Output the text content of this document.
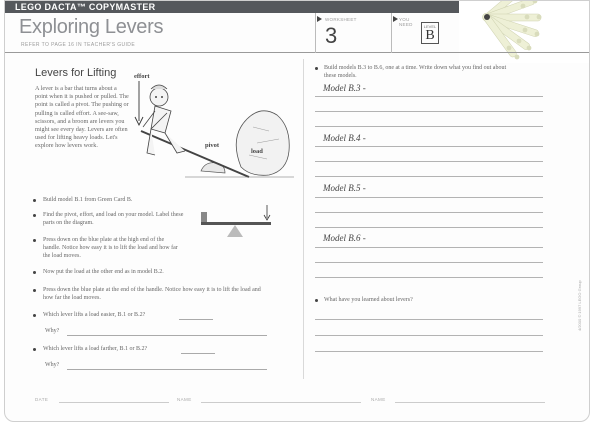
LEGO DACTA™ COPYMASTER
Exploring Levers
REFER TO PAGE 16 IN TEACHER'S GUIDE
WORKSHEET
3
YOU NEED	LEVEL
B
Levers for Lifting
A lever is a bar that turns about a point when it is pushed or pulled. The point is called a pivot. The pushing or pulling is called effort. A see-saw, scissors, and a broom are levers you might see every day. Levers are often used for lifting heavy loads. Let's explore how levers work.
effort
pivot
load
Build model B.1 from Green Card B.
Find the pivot, effort, and load on your model. Label these parts on the diagram.
Press down on the blue plate at the high end of the handle. Notice how easy it is to lift the load and how far the load moves.
Now put the load at the other end as in model B.2.
Press down the blue plate at the end of the handle. Notice how easy it is to lift the load and how far the load moves.
Which lever lifts a load easier, B.1 or B.2?
Why?
Which lever lifts a load farther, B.1 or B.2?
Why?
Build models B.3 to B.6, one at a time. Write down what you find out about these models.
Model B.3 -
Model B.4 -
Model B.5 -
Model B.6 -
What have you learned about levers?	4/2000 © 1997 LEGO Group
DATE	NAME	NAME
